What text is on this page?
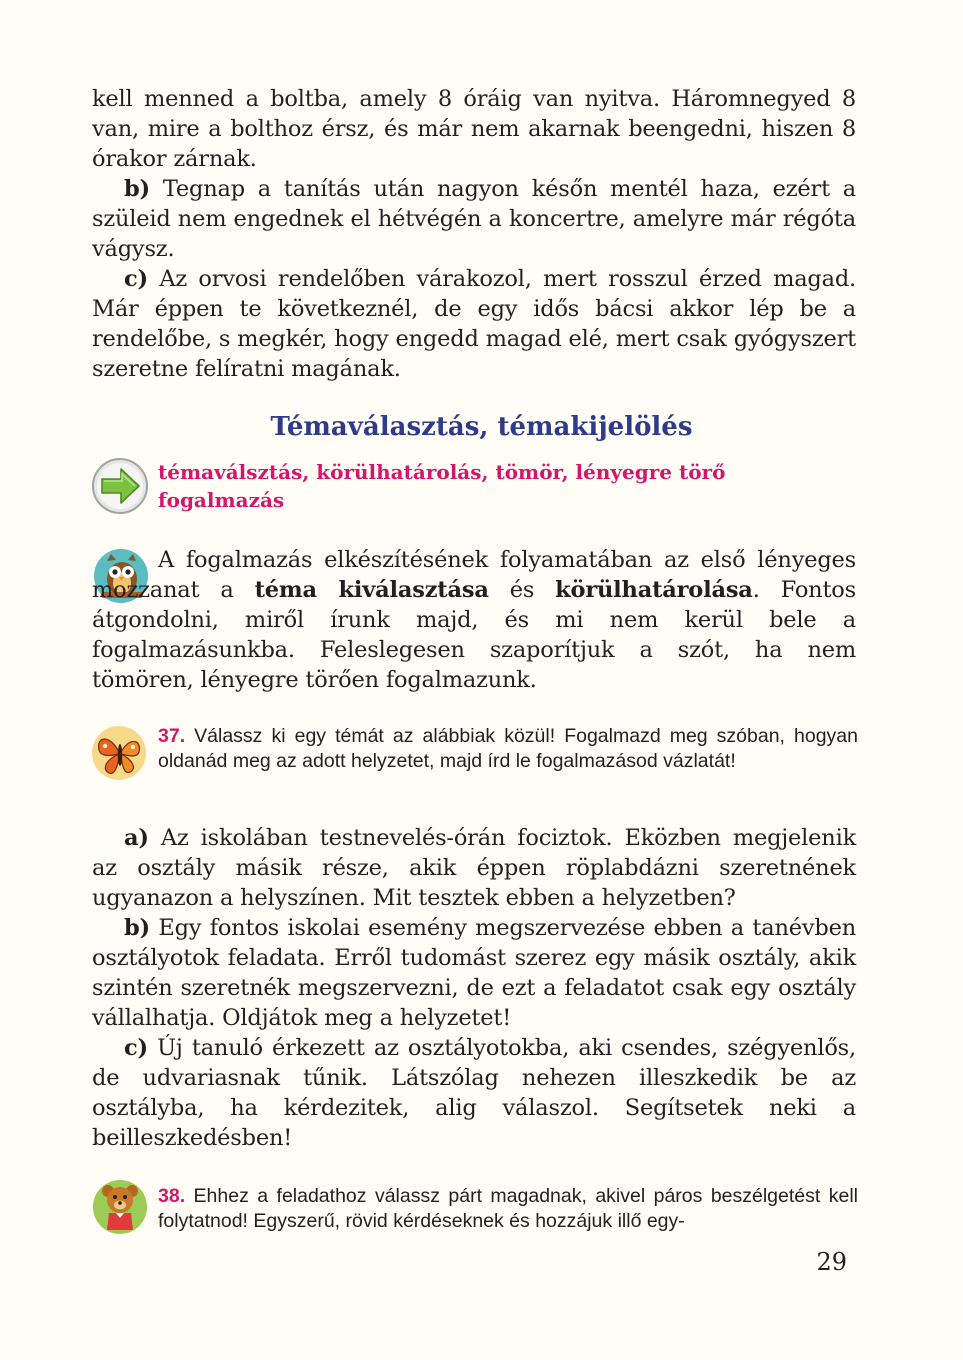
kell menned a boltba, amely 8 óráig van nyitva. Háromnegyed 8 van, mire a bolthoz érsz, és már nem akarnak beengedni, hiszen 8 órakor zárnak.

b) Tegnap a tanítás után nagyon későn mentél haza, ezért a szüleid nem engednek el hétvégén a koncertre, amelyre már régóta vágysz.

c) Az orvosi rendelőben várakozol, mert rosszul érzed magad. Már éppen te következnél, de egy idős bácsi akkor lép be a rendelőbe, s megkér, hogy engedd magad elé, mert csak gyógyszert szeretne felíratni magának.

Témaválasztás, témakijelölés
témaválsztás, körülhatárolás, tömör, lényegre törő fogalmazás

A fogalmazás elkészítésének folyamatában az első lényeges mozzanat a téma kiválasztása és körülhatárolása. Fontos átgondolni, miről írunk majd, és mi nem kerül bele a fogalmazásunkba. Feleslegesen szaporítjuk a szót, ha nem tömören, lényegre törően fogalmazunk.

37. Válassz ki egy témát az alábbiak közül! Fogalmazd meg szóban, hogyan oldanád meg az adott helyzetet, majd írd le fogalmazásod vázlatát!

a) Az iskolában testnevelés-órán fociztok. Eközben megjelenik az osztály másik része, akik éppen röplabdázni szeretnének ugyanazon a helyszínen. Mit tesztek ebben a helyzetben?

b) Egy fontos iskolai esemény megszervezése ebben a tanévben osztályotok feladata. Erről tudomást szerez egy másik osztály, akik szintén szeretnék megszervezni, de ezt a feladatot csak egy osztály vállalhatja. Oldjátok meg a helyzetet!

c) Új tanuló érkezett az osztályotokba, aki csendes, szégyenlős, de udvariasnak tűnik. Látszólag nehezen illeszkedik be az osztályba, ha kérdezitek, alig válaszol. Segítsetek neki a beilleszkedésben!

38. Ehhez a feladathoz válassz párt magadnak, akivel páros beszélgetést kell folytatnod! Egyszerű, rövid kérdéseknek és hozzájuk illő egy-
29
